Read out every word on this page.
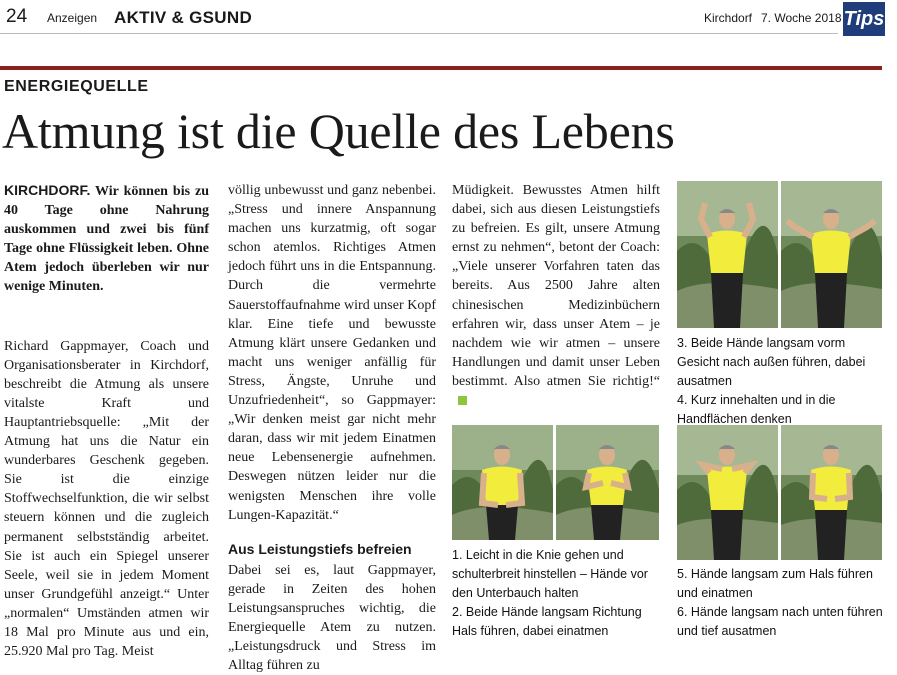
24 Anzeigen AKTIV & GSUND	Kirchdorf 7. Woche 2018 Tips
ENERGIEQUELLE
Atmung ist die Quelle des Lebens

KIRCHDORF. Wir können bis zu 40 Tage ohne Nahrung auskommen und zwei bis fünf Tage ohne Flüssigkeit leben. Ohne Atem jedoch überleben wir nur wenige Minuten.

Richard Gappmayer, Coach und Organisationsberater in Kirchdorf, beschreibt die Atmung als unsere vitalste Kraft und Hauptantriebsquelle: „Mit der Atmung hat uns die Natur ein wunderbares Geschenk gegeben. Sie ist die einzige Stoffwechselfunktion, die wir selbst steuern können und die zugleich permanent selbstständig arbeitet. Sie ist auch ein Spiegel unserer Seele, weil sie in jedem Moment unser Grundgefühl anzeigt.“ Unter „normalen“ Umständen atmen wir 18 Mal pro Minute aus und ein, 25.920 Mal pro Tag. Meist

völlig unbewusst und ganz nebenbei. „Stress und innere Anspannung machen uns kurzatmig, oft sogar schon atemlos. Richtiges Atmen jedoch führt uns in die Entspannung. Durch die vermehrte Sauerstoffaufnahme wird unser Kopf klar. Eine tiefe und bewusste Atmung klärt unsere Gedanken und macht uns weniger anfällig für Stress, Ängste, Unruhe und Unzufriedenheit“, so Gappmayer: „Wir denken meist gar nicht mehr daran, dass wir mit jedem Einatmen neue Lebensenergie aufnehmen. Deswegen nützen leider nur die wenigsten Menschen ihre volle Lungen-Kapazität.“

Aus Leistungstiefs befreien

Dabei sei es, laut Gappmayer, gerade in Zeiten des hohen Leistungsanspruches wichtig, die Energiequelle Atem zu nutzen. „Leistungsdruck und Stress im Alltag führen zu

Müdigkeit. Bewusstes Atmen hilft dabei, sich aus diesen Leistungstiefs zu befreien. Es gilt, unsere Atmung ernst zu nehmen“, betont der Coach: „Viele unserer Vorfahren taten das bereits. Aus 2500 Jahre alten chinesischen Medizinbüchern erfahren wir, dass unser Atem – je nachdem wie wir atmen – unsere Handlungen und damit unser Leben bestimmt. Also atmen Sie richtig!“

1. Leicht in die Knie gehen und schulterbreit hinstellen – Hände vor den Unterbauch halten
2. Beide Hände langsam Richtung Hals führen, dabei einatmen
3. Beide Hände langsam vorm Gesicht nach außen führen, dabei ausatmen
4. Kurz innehalten und in die Handflächen denken
5. Hände langsam zum Hals führen und einatmen
6. Hände langsam nach unten führen und tief ausatmen
